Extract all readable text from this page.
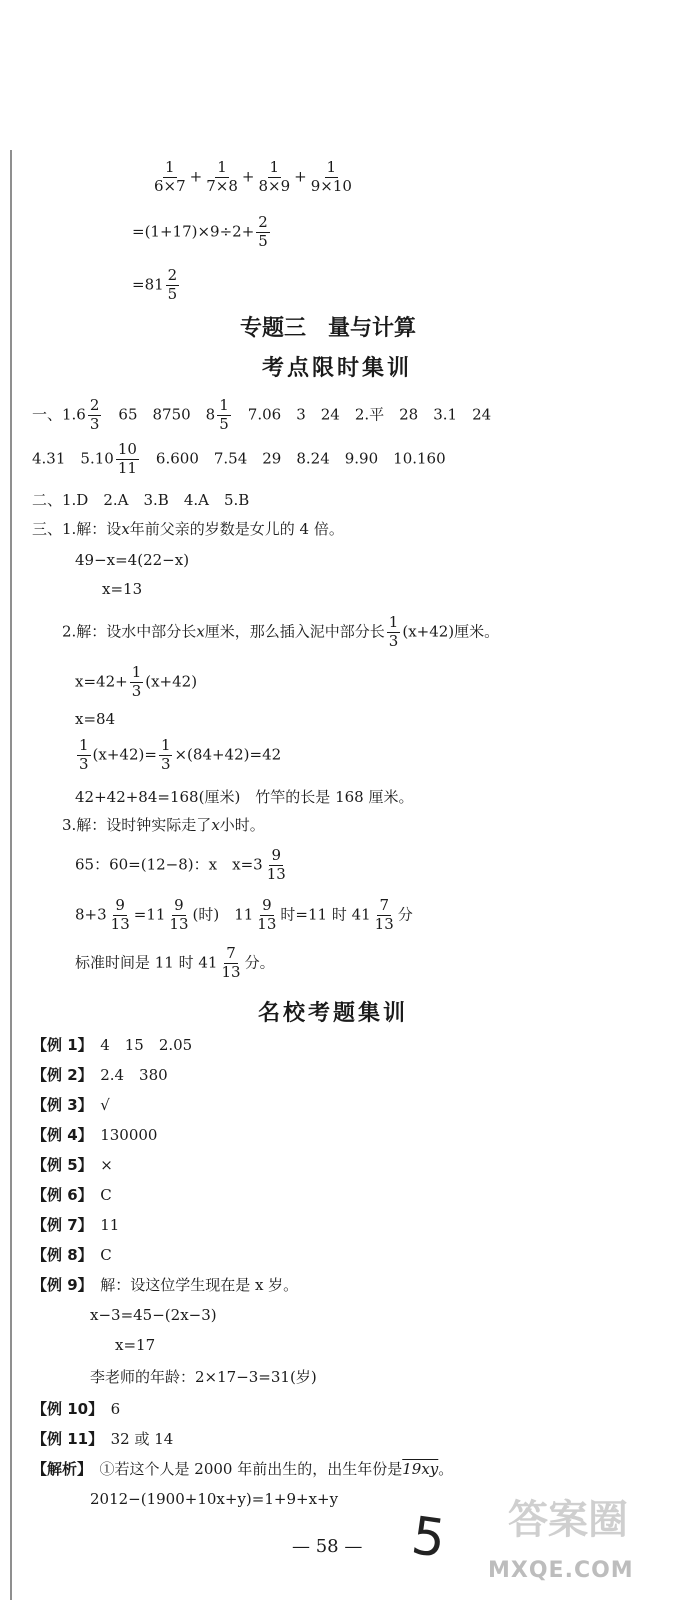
$\frac{1}{6\times 7} + \frac{1}{7\times 8} + \frac{1}{8\times 9} + \frac{1}{9\times 10}$
$=(1+17)\times 9\div 2+ \frac{2}{5}$
$=81 \frac{2}{5}$
专题三　量与计算
考点限时集训
一、$1.6 \frac{2}{3}$
　 65　8750　$8 \frac{1}{5}$
　 7.06　3　24　2.平　28　3.1　24
4.31　$5.10 \frac{10}{11}$
　 6.600　7.54　29　8.24　9.90　10.160
二、1.D　2.A　3.B　4.A　5.B
三、1.解：设x年前父亲的岁数是女儿的 4 倍。
49−x=4(22−x)
x=13
2.解：设水中部分长x厘米，那么插入泥中部分长 $\frac{1}{3} (x+42)$厘米。
$x=42+ \frac{1}{3} (x+42)$
x=84
$\frac{1}{3} (x+42)= \frac{1}{3} \times(84+42)=42$
42+42+84=168(厘米)　竹竿的长是 168 厘米。
3.解：设时钟实际走了x小时。
65：60=(12−8)：x　$x=3 \frac{9}{13}$
$8+3 \frac{9}{13} =11 \frac{9}{13}$ (时)　$11 \frac{9}{13}$ 时=11 时 $41 \frac{7}{13}$ 分
标准时间是 11 时 $41 \frac{7}{13}$ 分。
名校考题集训
【例 1】　 4　15　2.05
【例 2】　 2.4　380
【例 3】　 √
【例 4】　 130000
【例 5】　 ×
【例 6】　 C
【例 7】　 11
【例 8】　 C
【例 9】　 解：设这位学生现在是 x 岁。
x−3=45−(2x−3)
x=17
李老师的年龄：2×17−3=31(岁)
【例 10】　 6
【例 11】　 32 或 14
【解析】　 ①若这个人是 2000 年前出生的，出生年份是19xy。
2012−(1900+10x+y)=1+9+x+y
— 58 — 5 答案圈
MXQE.COM
